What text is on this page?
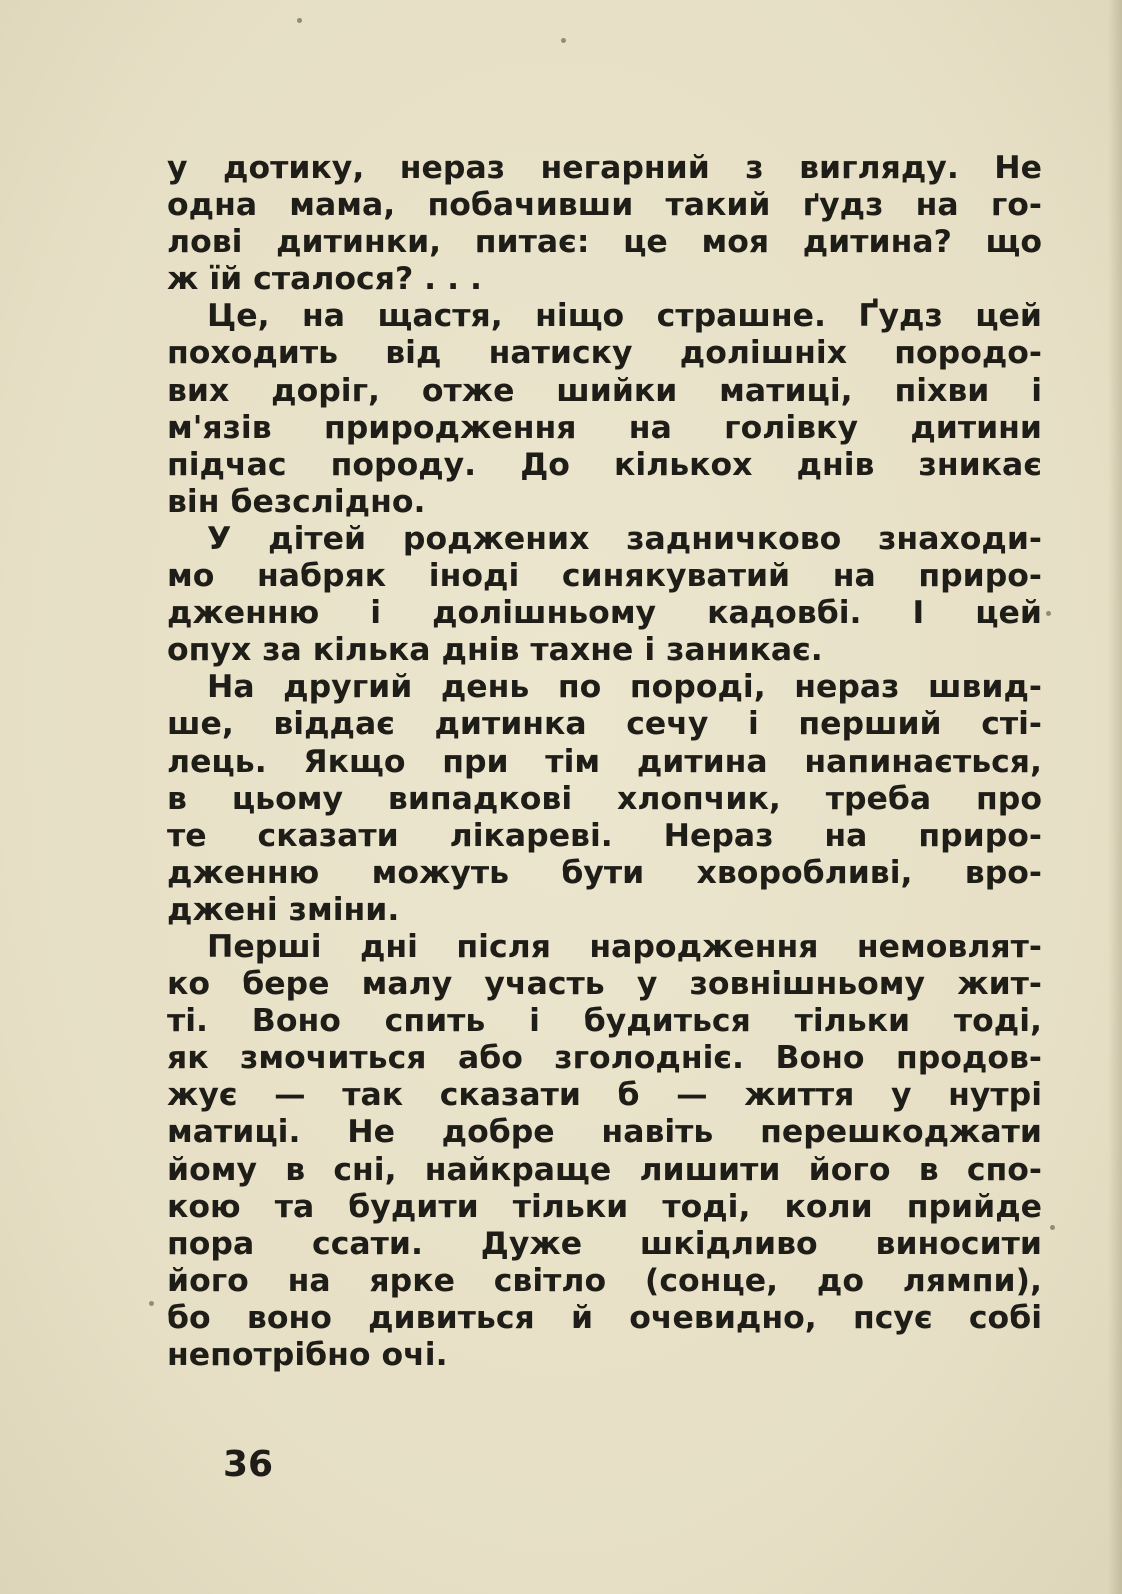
у дотику, нераз негарний з вигляду. Не
одна мама, побачивши такий ґудз на го-
лові дитинки, питає: це моя дитина? що
ж їй сталося? . . .
Це, на щастя, ніщо страшне. Ґудз цей
походить від натиску долішніх породо-
вих доріг, отже шийки матиці, піхви і
м'язів природження на голівку дитини
підчас породу. До кількох днів зникає
він безслідно.
У дітей роджених задничково знаходи-
мо набряк іноді синякуватий на приро-
дженню і долішньому кадовбі. І цей
опух за кілька днів тахне і заникає.
На другий день по породі, нераз швид-
ше, віддає дитинка сечу і перший сті-
лець. Якщо при тім дитина напинається,
в цьому випадкові хлопчик, треба про
те сказати лікареві. Нераз на приро-
дженню можуть бути хворобливі, вро-
джені зміни.
Перші дні після народження немовлят-
ко бере малу участь у зовнішньому жит-
ті. Воно спить і будиться тільки тоді,
як змочиться або зголодніє. Воно продов-
жує — так сказати б — життя у нутрі
матиці. Не добре навіть перешкоджати
йому в сні, найкраще лишити його в спо-
кою та будити тільки тоді, коли прийде
пора ссати. Дуже шкідливо виносити
його на ярке світло (сонце, до лямпи),
бо воно дивиться й очевидно, псує собі
непотрібно очі.
36
